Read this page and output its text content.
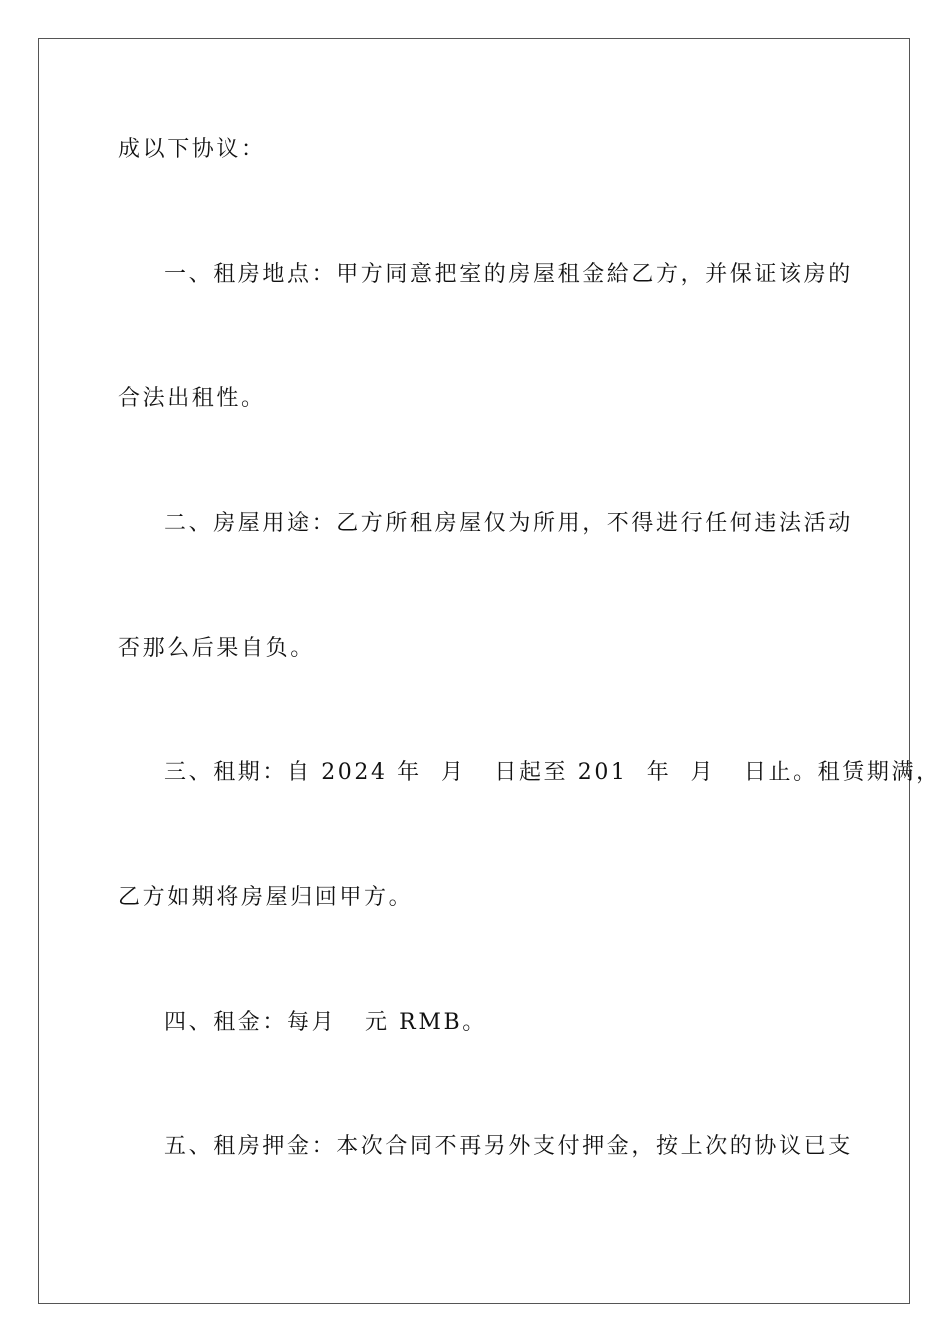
成以下协议：
一、租房地点：甲方同意把室的房屋租金給乙方，并保证该房的
合法出租性。
二、房屋用途：乙方所租房屋仅为所用，不得进行任何违法活动
否那么后果自负。
三、租期：自 2024 年  月   日起至 201  年  月   日止。租赁期满，
乙方如期将房屋归回甲方。
四、租金：每月   元 RMB。
五、租房押金：本次合同不再另外支付押金，按上次的协议已支
